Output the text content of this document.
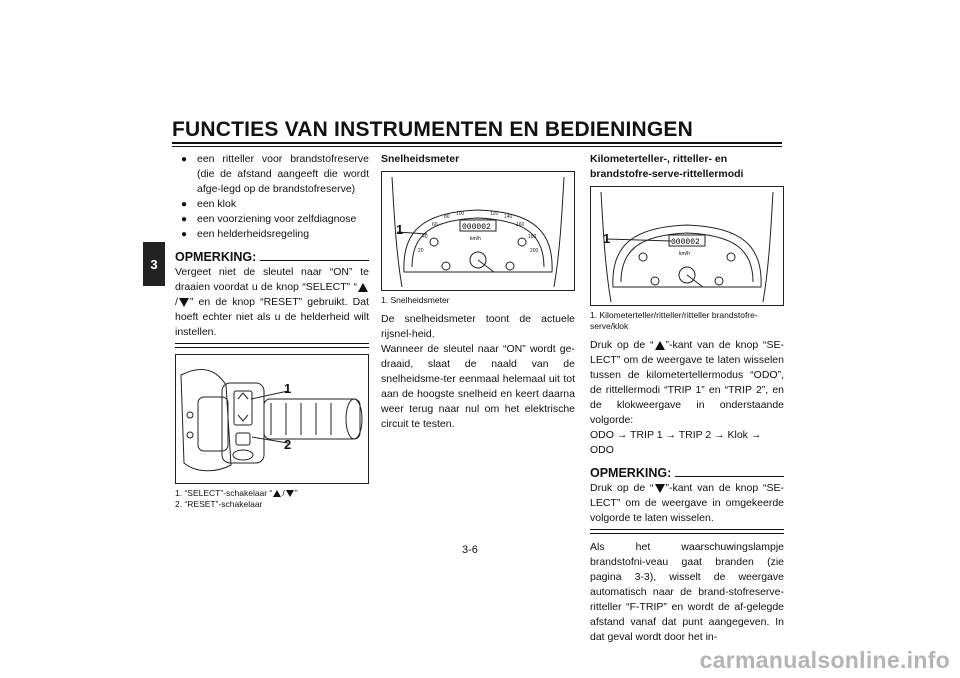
FUNCTIES VAN INSTRUMENTEN EN BEDIENINGEN
3
● een ritteller voor brandstofreserve (die de afstand aangeeft die wordt afge-legd op de brandstofreserve)
● een klok
● een voorziening voor zelfdiagnose
● een helderheidsregeling
OPMERKING:
Vergeet niet de sleutel naar “ON” te draaien voordat u de knop “SELECT” “/ ” en de knop “RESET” gebruikt. Dat hoeft echter niet als u de helderheid wilt instellen.
1
2
1. “SELECT”-schakelaar “ / ”
2. “RESET”-schakelaar
Snelheidsmeter
000002
km/h
20
40
60
80 100	120 140
160
180
200
1
1. Snelheidsmeter
De snelheidsmeter toont de actuele rijsnel-heid.
Wanneer de sleutel naar “ON” wordt ge-draaid, slaat de naald van de snelheidsme-ter eenmaal helemaal uit tot aan de hoogste snelheid en keert daarna weer terug naar nul om het elektrische circuit te testen.
Kilometerteller-, ritteller- en brandstofre-serve-rittellermodi
000002
km/h
1
1. Kilometerteller/ritteller/ritteller brandstofre-serve/klok
Druk op de “ ”-kant van de knop “SE-LECT” om de weergave te laten wisselen tussen de kilometertellermodus “ODO”, de rittellermodi “TRIP 1” en “TRIP 2”, en de klokweergave in onderstaande volgorde:
ODO → TRIP 1 → TRIP 2 → Klok → ODO
OPMERKING:
Druk op de “ ”-kant van de knop “SE-LECT” om de weergave in omgekeerde volgorde te laten wisselen.
Als het waarschuwingslampje brandstofni-veau gaat branden (zie pagina 3-3), wisselt de weergave automatisch naar de brand-stofreserve-ritteller “F-TRIP” en wordt de af-gelegde afstand vanaf dat punt aangegeven. In dat geval wordt door het in-
3-6
carmanualsonline.info
